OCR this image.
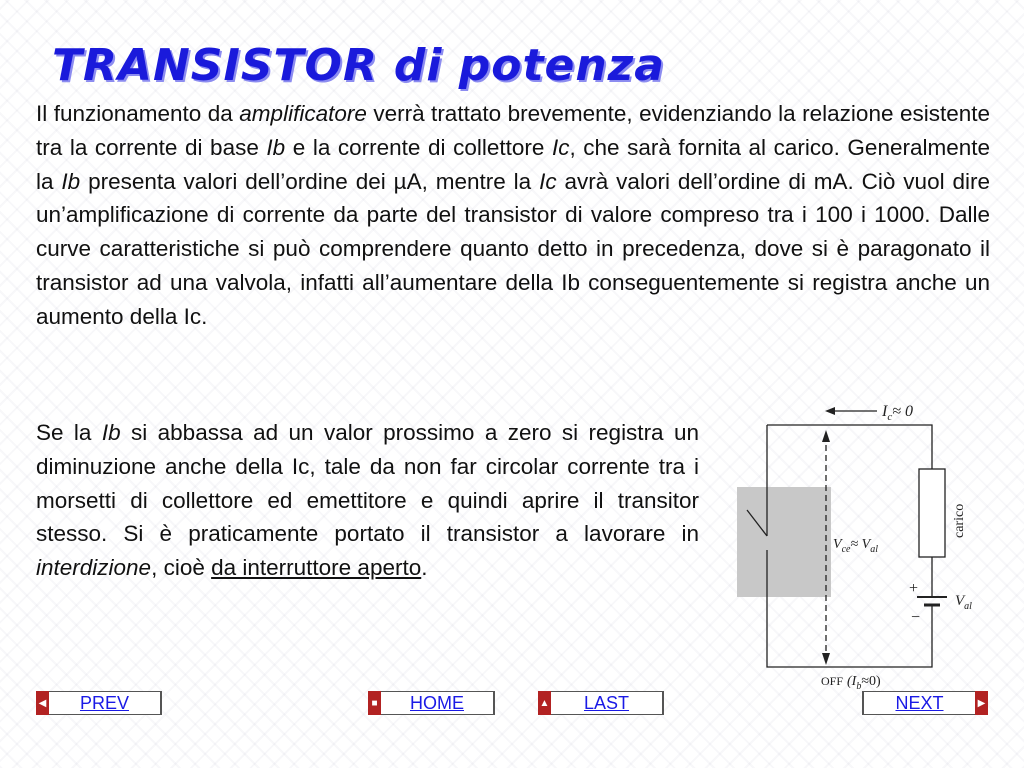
TRANSISTOR di potenza

Il funzionamento da amplificatore verrà trattato brevemente, evidenziando la relazione esistente tra la corrente di base Ib e la corrente di collettore Ic, che sarà fornita al carico. Generalmente la Ib presenta valori dell’ordine dei µA, mentre la Ic avrà valori dell’ordine di mA. Ciò vuol dire un’amplificazione di corrente da parte del transistor di valore compreso tra i 100 i 1000. Dalle curve caratteristiche si può comprendere quanto detto in precedenza, dove si è paragonato il transistor ad una valvola, infatti all’aumentare della Ib conseguentemente si registra anche un aumento della Ic.

Se la Ib si abbassa ad un valor prossimo a zero si registra un diminuzione anche della Ic, tale da non far circolar corrente tra i morsetti di collettore ed emettitore e quindi aprire il transitor stesso. Si è praticamente portato il transistor a lavorare in interdizione, cioè da interruttore aperto.

$I_c\approx 0$
$V_{ce}\approx V_{al}$
carico
+
−
$V_{al}$
OFF $(I_b\approx 0)$
◀	PREV	■	HOME	▲	LAST	NEXT	▶
